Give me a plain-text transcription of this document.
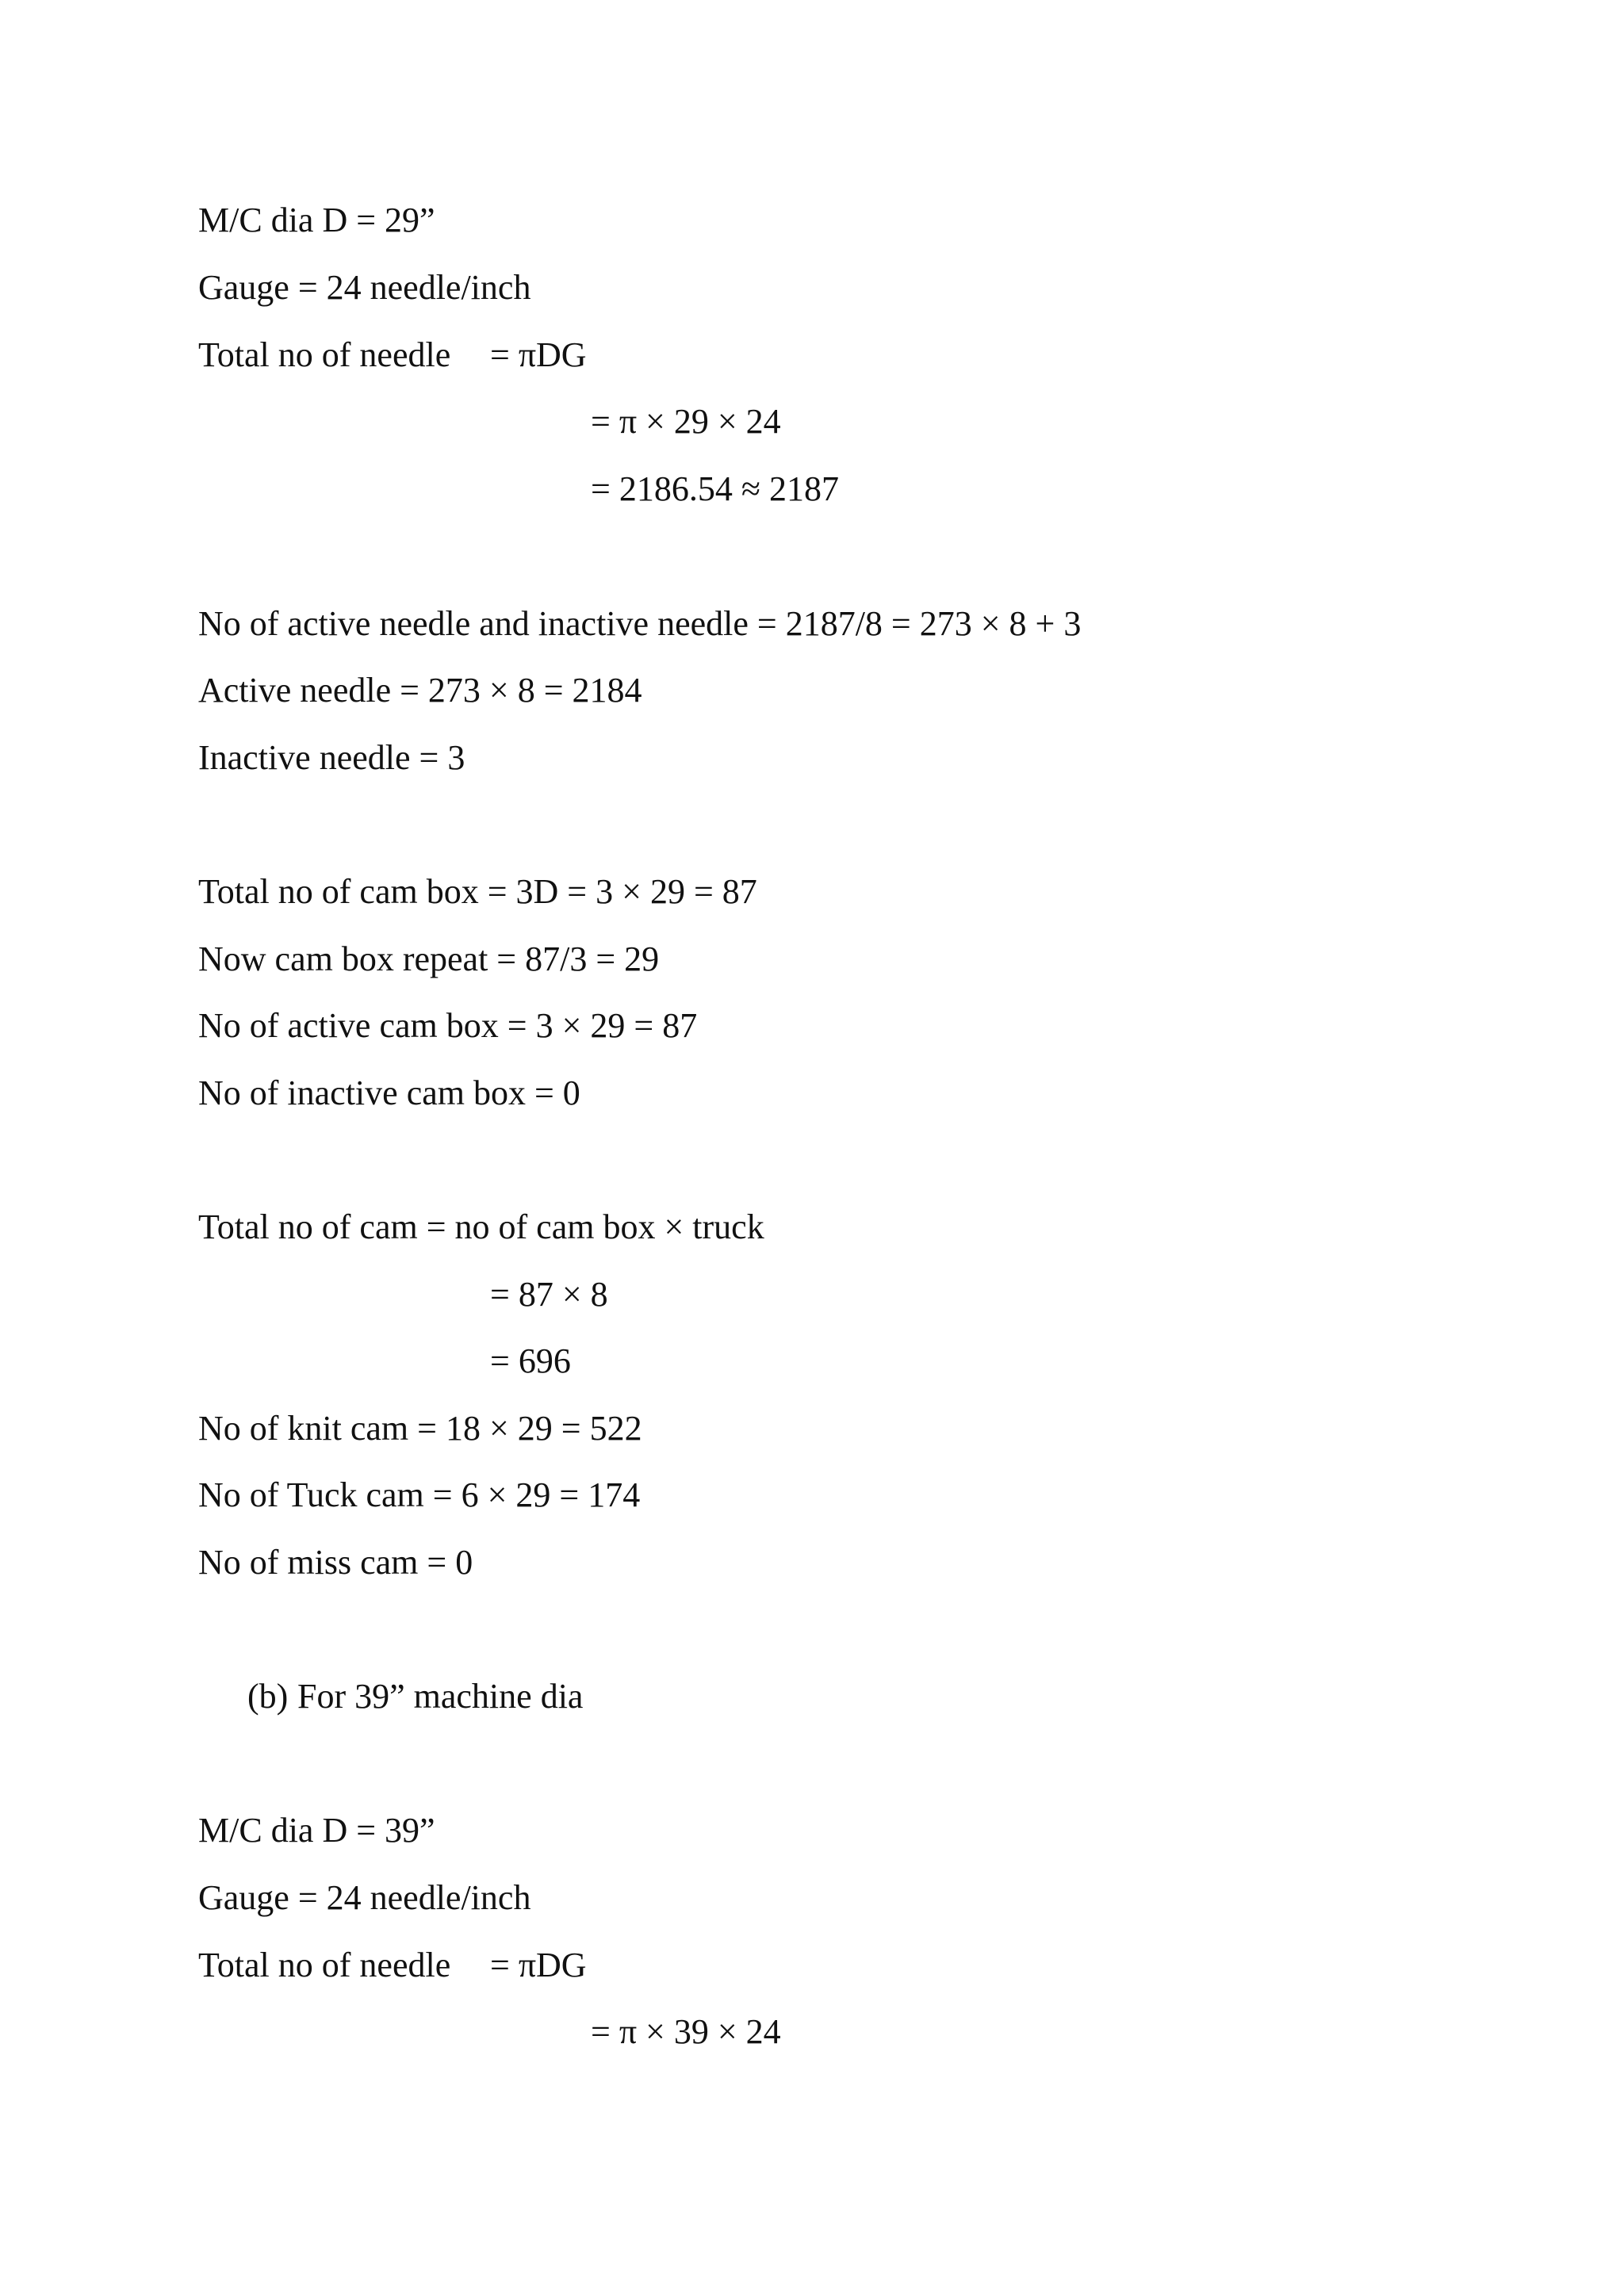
M/C dia D = 29”
Gauge = 24 needle/inch
Total no of needle = πDG
= π × 29 × 24
= 2186.54 ≈ 2187
No of active needle and inactive needle = 2187/8 = 273 × 8 + 3
Active needle = 273 × 8 = 2184
Inactive needle = 3
Total no of cam box = 3D = 3 × 29 = 87
Now cam box repeat = 87/3 = 29
No of active cam box = 3 × 29 = 87
No of inactive cam box = 0
Total no of cam = no of cam box × truck
= 87 × 8
= 696
No of knit cam = 18 × 29 = 522
No of Tuck cam = 6 × 29 = 174
No of miss cam = 0
(b) For 39” machine dia
M/C dia D = 39”
Gauge = 24 needle/inch
Total no of needle = πDG
= π × 39 × 24
